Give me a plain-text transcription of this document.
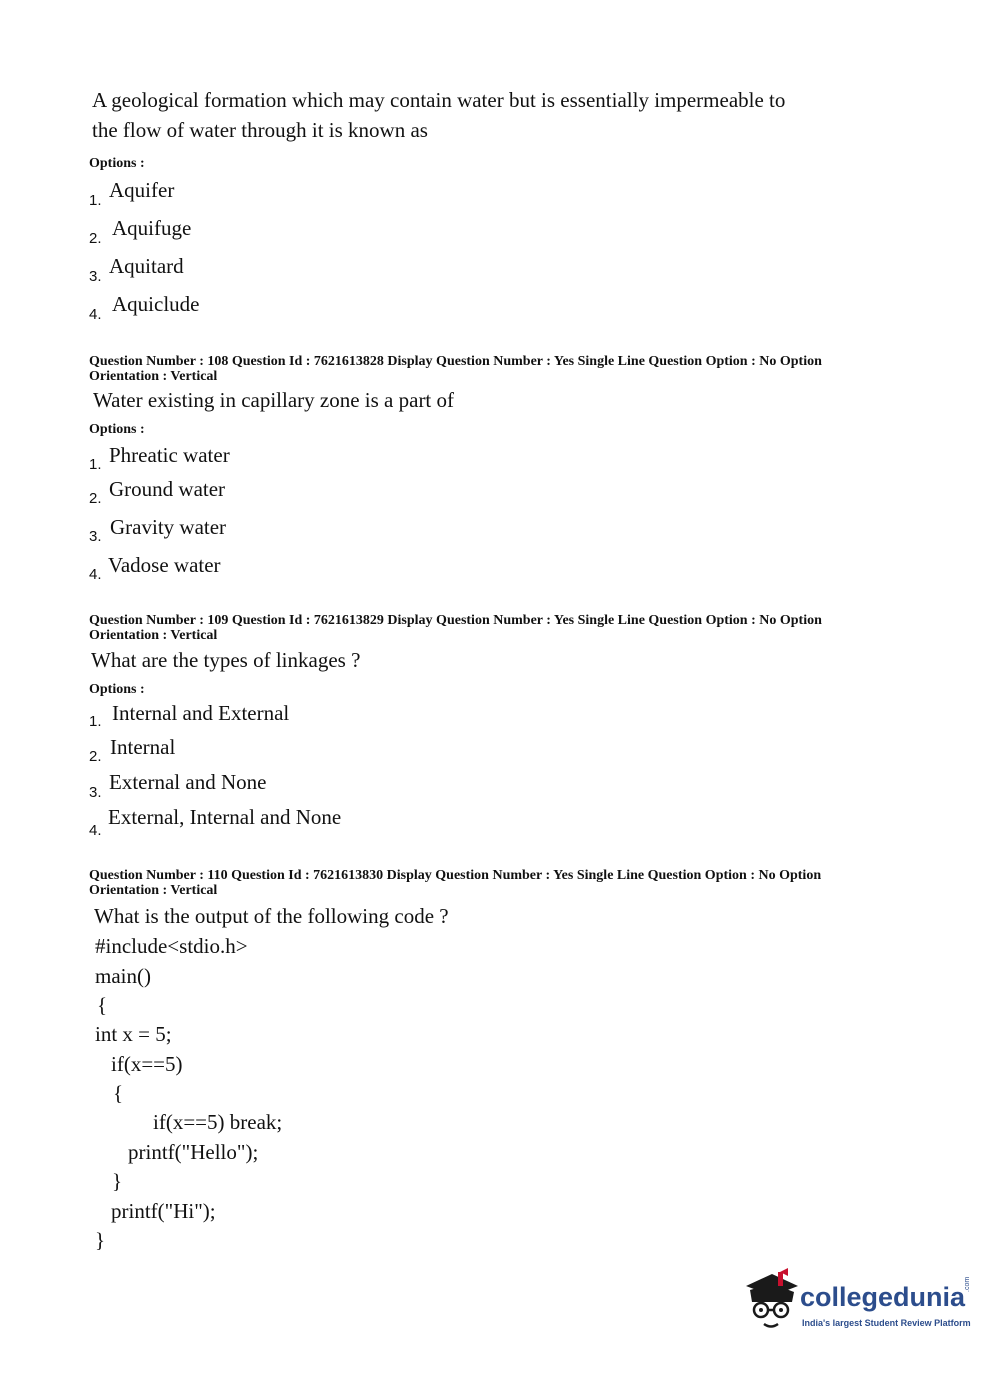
A geological formation which may contain water but is essentially impermeable to
the flow of water through it is known as
Options :
1. Aquifer
2. Aquifuge
3. Aquitard
4. Aquiclude
Question Number : 108 Question Id : 7621613828 Display Question Number : Yes Single Line Question Option : No Option
Orientation : Vertical
Water existing in capillary zone is a part of
Options :
1. Phreatic water
2. Ground water
3. Gravity water
4. Vadose water
Question Number : 109 Question Id : 7621613829 Display Question Number : Yes Single Line Question Option : No Option
Orientation : Vertical
What are the types of linkages ?
Options :
1. Internal and External
2. Internal
3. External and None
4.
External, Internal and None
Question Number : 110 Question Id : 7621613830 Display Question Number : Yes Single Line Question Option : No Option
Orientation : Vertical
What is the output of the following code ?
#include<stdio.h>
main()
{
int x = 5;
if(x==5)
{
if(x==5) break;
printf("Hello");
}
printf("Hi");
}
collegedunia
.com
India's largest Student Review Platform
